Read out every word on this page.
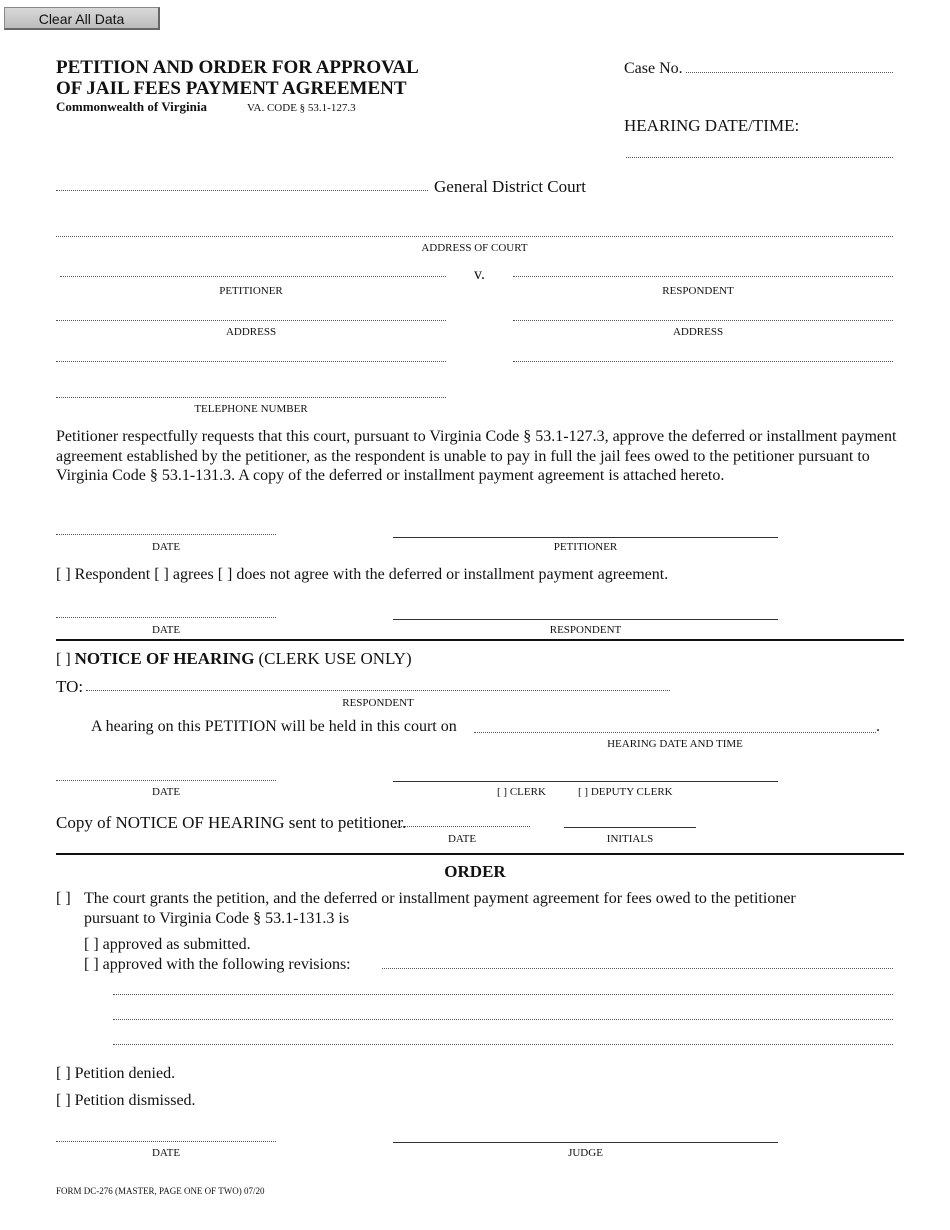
Clear All Data
PETITION AND ORDER FOR APPROVAL
OF JAIL FEES PAYMENT AGREEMENT
Commonwealth of Virginia	VA. CODE § 53.1-127.3
Case No.
HEARING DATE/TIME:
General District Court
ADDRESS OF COURT
v.
PETITIONER	RESPONDENT
ADDRESS	ADDRESS
TELEPHONE NUMBER
Petitioner respectfully requests that this court, pursuant to Virginia Code § 53.1-127.3, approve the deferred or installment payment agreement established by the petitioner, as the respondent is unable to pay in full the jail fees owed to the petitioner pursuant to Virginia Code § 53.1-131.3. A copy of the deferred or installment payment agreement is attached hereto.
DATE	PETITIONER
[ ] Respondent [ ] agrees [ ] does not agree with the deferred or installment payment agreement.
DATE	RESPONDENT
[ ] NOTICE OF HEARING (CLERK USE ONLY)
TO:
RESPONDENT
A hearing on this PETITION will be held in this court on	.
HEARING DATE AND TIME
DATE	[ ] CLERK	[ ] DEPUTY CLERK
Copy of NOTICE OF HEARING sent to petitioner.
DATE	INITIALS
ORDER
[ ] The court grants the petition, and the deferred or installment payment agreement for fees owed to the petitioner
pursuant to Virginia Code § 53.1-131.3 is
[ ] approved as submitted.
[ ] approved with the following revisions:
[ ] Petition denied.
[ ] Petition dismissed.
DATE	JUDGE
FORM DC-276 (MASTER, PAGE ONE OF TWO) 07/20
